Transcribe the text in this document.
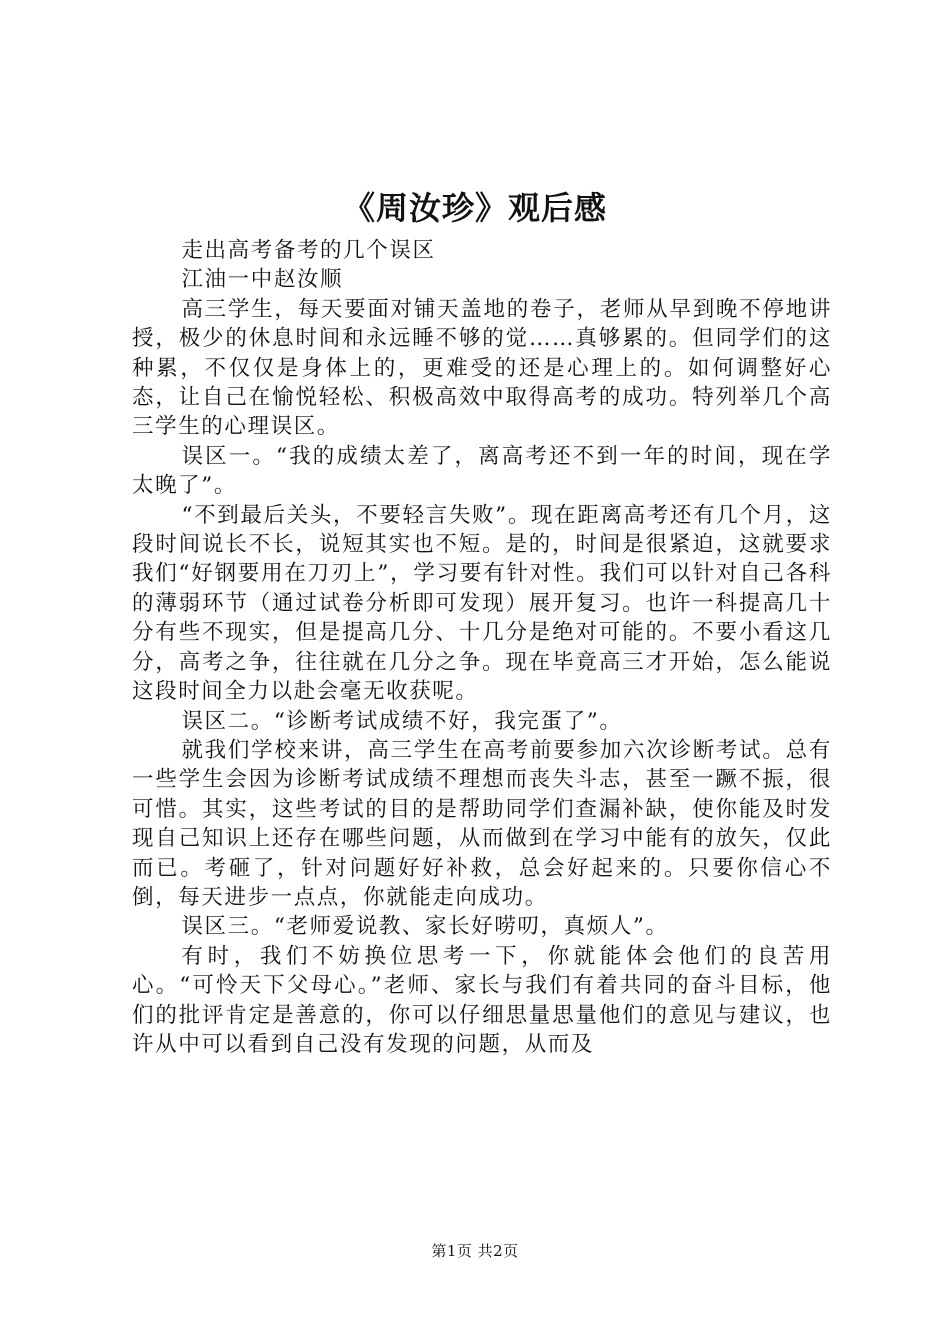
《周汝珍》观后感

走出高考备考的几个误区

江油一中赵汝顺

高三学生，每天要面对铺天盖地的卷子，老师从早到晚不停地讲授，极少的休息时间和永远睡不够的觉……真够累的。但同学们的这种累，不仅仅是身体上的，更难受的还是心理上的。如何调整好心态，让自己在愉悦轻松、积极高效中取得高考的成功。特列举几个高三学生的心理误区。

误区一。“我的成绩太差了，离高考还不到一年的时间，现在学太晚了”。

“不到最后关头，不要轻言失败”。现在距离高考还有几个月，这段时间说长不长，说短其实也不短。是的，时间是很紧迫，这就要求我们“好钢要用在刀刃上”，学习要有针对性。我们可以针对自己各科的薄弱环节（通过试卷分析即可发现）展开复习。也许一科提高几十分有些不现实，但是提高几分、十几分是绝对可能的。不要小看这几分，高考之争，往往就在几分之争。现在毕竟高三才开始，怎么能说这段时间全力以赴会毫无收获呢。

误区二。“诊断考试成绩不好，我完蛋了”。

就我们学校来讲，高三学生在高考前要参加六次诊断考试。总有一些学生会因为诊断考试成绩不理想而丧失斗志，甚至一蹶不振，很可惜。其实，这些考试的目的是帮助同学们查漏补缺，使你能及时发现自己知识上还存在哪些问题，从而做到在学习中能有的放矢，仅此而已。考砸了，针对问题好好补救，总会好起来的。只要你信心不倒，每天进步一点点，你就能走向成功。

误区三。“老师爱说教、家长好唠叨，真烦人”。

有时，我们不妨换位思考一下，你就能体会他们的良苦用心。“可怜天下父母心。”老师、家长与我们有着共同的奋斗目标，他们的批评肯定是善意的，你可以仔细思量思量他们的意见与建议，也许从中可以看到自己没有发现的问题，从而及

第1页 共2页
